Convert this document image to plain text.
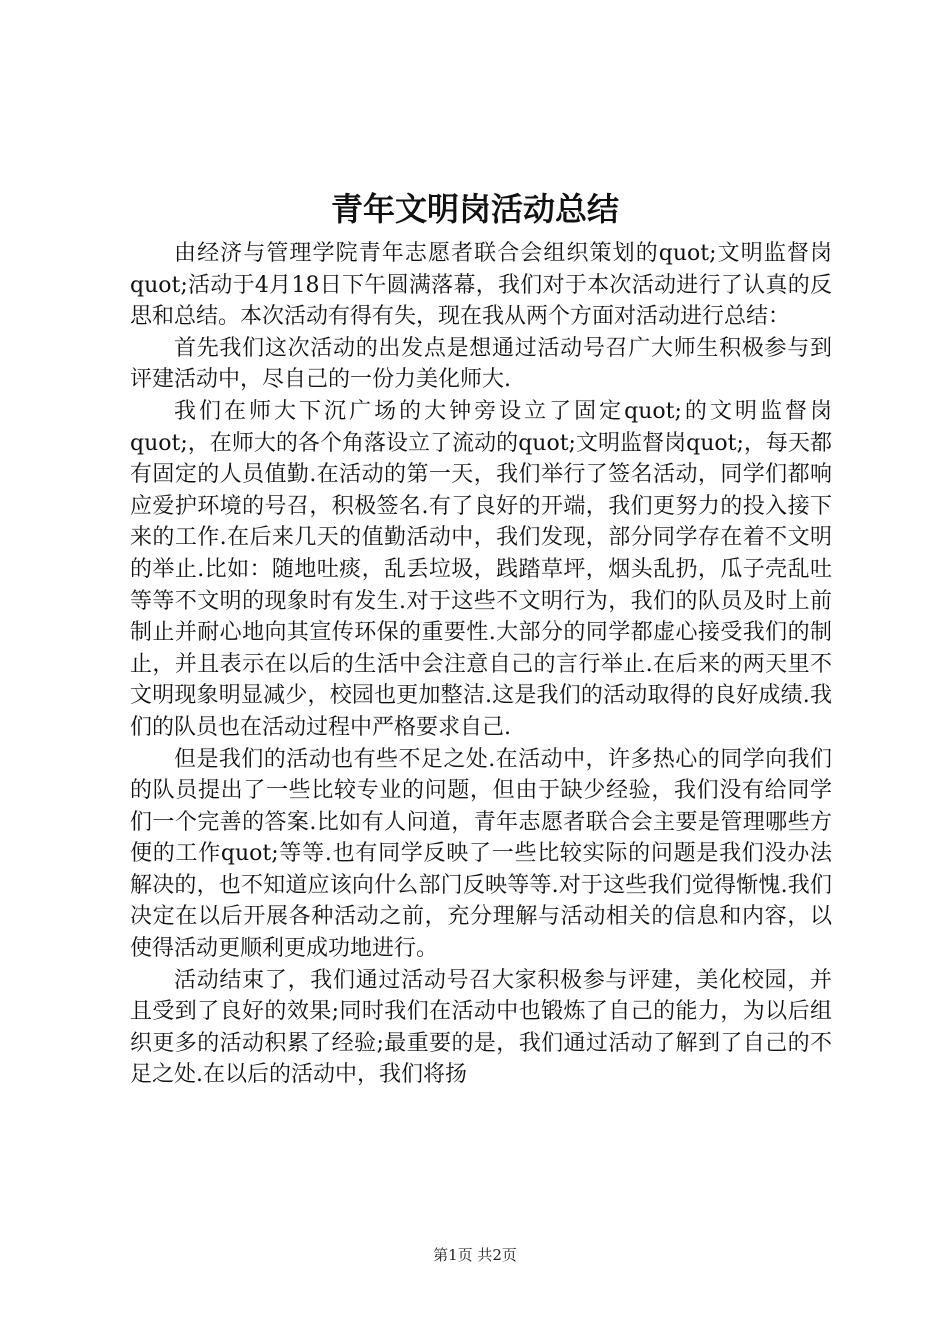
青年文明岗活动总结

由经济与管理学院青年志愿者联合会组织策划的quot;文明监督岗quot;活动于4月18日下午圆满落幕，我们对于本次活动进行了认真的反思和总结。本次活动有得有失，现在我从两个方面对活动进行总结：

首先我们这次活动的出发点是想通过活动号召广大师生积极参与到评建活动中，尽自己的一份力美化师大.

我们在师大下沉广场的大钟旁设立了固定quot;的文明监督岗quot;，在师大的各个角落设立了流动的quot;文明监督岗quot;，每天都有固定的人员值勤.在活动的第一天，我们举行了签名活动，同学们都响应爱护环境的号召，积极签名.有了良好的开端，我们更努力的投入接下来的工作.在后来几天的值勤活动中，我们发现，部分同学存在着不文明的举止.比如：随地吐痰，乱丢垃圾，践踏草坪，烟头乱扔，瓜子壳乱吐等等不文明的现象时有发生.对于这些不文明行为，我们的队员及时上前制止并耐心地向其宣传环保的重要性.大部分的同学都虚心接受我们的制止，并且表示在以后的生活中会注意自己的言行举止.在后来的两天里不文明现象明显减少，校园也更加整洁.这是我们的活动取得的良好成绩.我们的队员也在活动过程中严格要求自己.

但是我们的活动也有些不足之处.在活动中，许多热心的同学向我们的队员提出了一些比较专业的问题，但由于缺少经验，我们没有给同学们一个完善的答案.比如有人问道，青年志愿者联合会主要是管理哪些方便的工作quot;等等.也有同学反映了一些比较实际的问题是我们没办法解决的，也不知道应该向什么部门反映等等.对于这些我们觉得惭愧.我们决定在以后开展各种活动之前，充分理解与活动相关的信息和内容，以使得活动更顺利更成功地进行。

活动结束了，我们通过活动号召大家积极参与评建，美化校园，并且受到了良好的效果;同时我们在活动中也锻炼了自己的能力，为以后组织更多的活动积累了经验;最重要的是，我们通过活动了解到了自己的不足之处.在以后的活动中，我们将扬

第1页 共2页
